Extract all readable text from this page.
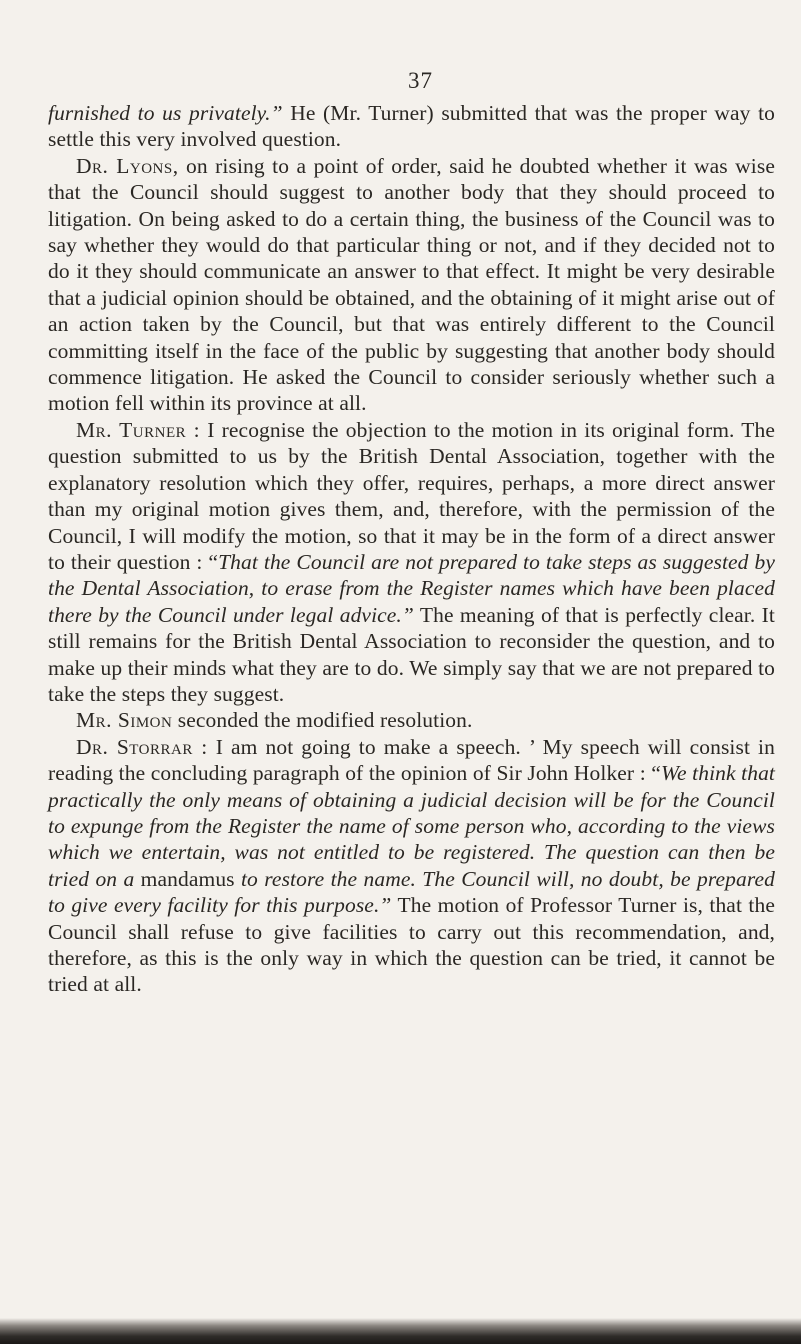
37

furnished to us privately.” He (Mr. Turner) submitted that was the proper way to settle this very involved question.

Dr. Lyons, on rising to a point of order, said he doubted whether it was wise that the Council should suggest to another body that they should proceed to litigation. On being asked to do a certain thing, the business of the Council was to say whether they would do that particular thing or not, and if they decided not to do it they should communicate an answer to that effect. It might be very desirable that a judicial opinion should be obtained, and the obtaining of it might arise out of an action taken by the Council, but that was entirely different to the Council committing itself in the face of the public by suggesting that another body should commence litigation. He asked the Council to consider seriously whether such a motion fell within its province at all.

Mr. Turner : I recognise the objection to the motion in its original form. The question submitted to us by the British Dental Association, together with the explanatory resolution which they offer, requires, perhaps, a more direct answer than my original motion gives them, and, therefore, with the permission of the Council, I will modify the motion, so that it may be in the form of a direct answer to their question : “That the Council are not prepared to take steps as suggested by the Dental Association, to erase from the Register names which have been placed there by the Council under legal advice.” The meaning of that is perfectly clear. It still remains for the British Dental Association to reconsider the question, and to make up their minds what they are to do. We simply say that we are not prepared to take the steps they suggest.

Mr. Simon seconded the modified resolution.

Dr. Storrar : I am not going to make a speech. ’ My speech will consist in reading the concluding paragraph of the opinion of Sir John Holker : “We think that practically the only means of obtaining a judicial decision will be for the Council to expunge from the Register the name of some person who, according to the views which we entertain, was not entitled to be registered. The question can then be tried on a mandamus to restore the name. The Council will, no doubt, be prepared to give every facility for this purpose.” The motion of Professor Turner is, that the Council shall refuse to give facilities to carry out this recommendation, and, therefore, as this is the only way in which the question can be tried, it cannot be tried at all.
